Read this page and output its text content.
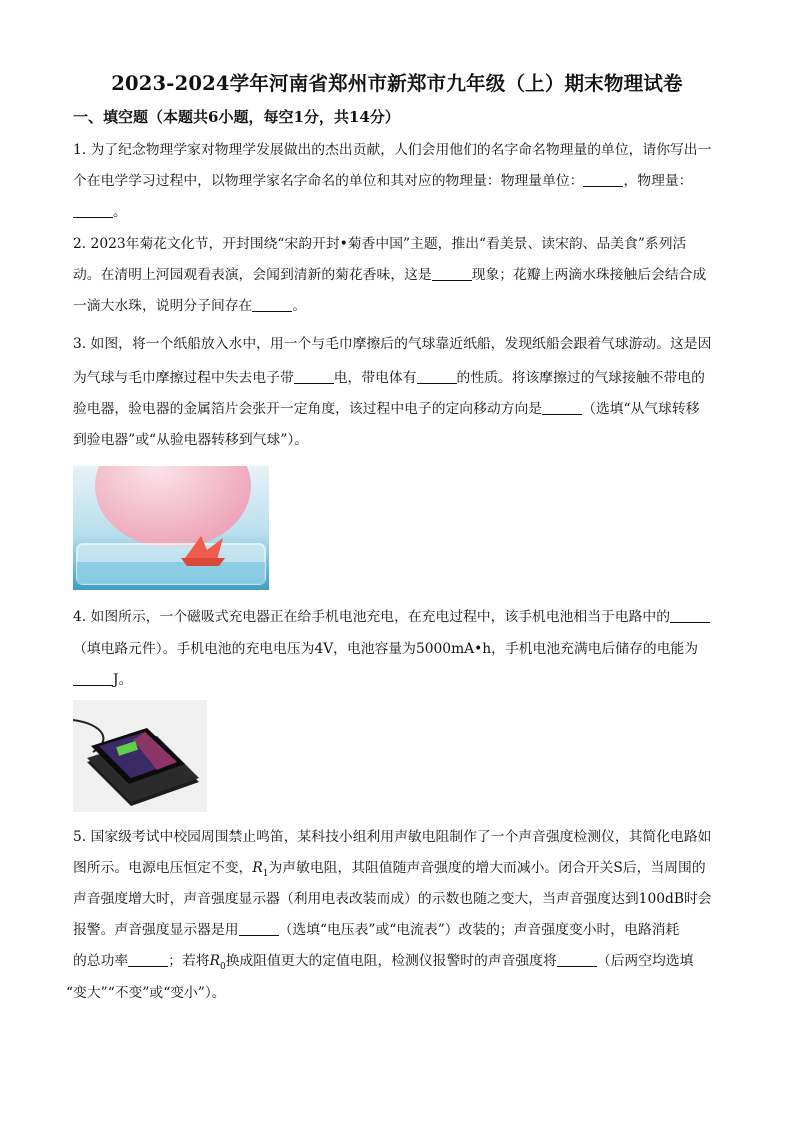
2023-2024学年河南省郑州市新郑市九年级（上）期末物理试卷
一、填空题（本题共6小题，每空1分，共14分）
1. 为了纪念物理学家对物理学发展做出的杰出贡献，人们会用他们的名字命名物理量的单位，请你写出一
个在电学学习过程中，以物理学家名字命名的单位和其对应的物理量：物理量单位：	，物理量：
。
2. 2023年菊花文化节，开封围绕“宋韵开封•菊香中国”主题，推出“看美景、读宋韵、品美食”系列活
动。在清明上河园观看表演，会闻到清新的菊花香味，这是	现象；花瓣上两滴水珠接触后会结合成
一滴大水珠，说明分子间存在	。
3. 如图，将一个纸船放入水中，用一个与毛巾摩擦后的气球靠近纸船，发现纸船会跟着气球游动。这是因
为气球与毛巾摩擦过程中失去电子带	电，带电体有	的性质。将该摩擦过的气球接触不带电的
验电器，验电器的金属箔片会张开一定角度，该过程中电子的定向移动方向是	（选填“从气球转移
到验电器”或“从验电器转移到气球”）。
4. 如图所示，一个磁吸式充电器正在给手机电池充电，在充电过程中，该手机电池相当于电路中的
（填电路元件）。手机电池的充电电压为4V，电池容量为5000mA•h，手机电池充满电后储存的电能为
J。
5. 国家级考试中校园周围禁止鸣笛，某科技小组利用声敏电阻制作了一个声音强度检测仪，其简化电路如
图所示。电源电压恒定不变，$R_1$为声敏电阻，其阻值随声音强度的增大而减小。闭合开关S后，当周围的
声音强度增大时，声音强度显示器（利用电表改装而成）的示数也随之变大，当声音强度达到100dB时会
报警。声音强度显示器是用	（选填“电压表”或“电流表”）改装的；声音强度变小时，电路消耗
的总功率	；若将$R_0$换成阻值更大的定值电阻，检测仪报警时的声音强度将	（后两空均选填
“变大”“不变”或“变小”）。
